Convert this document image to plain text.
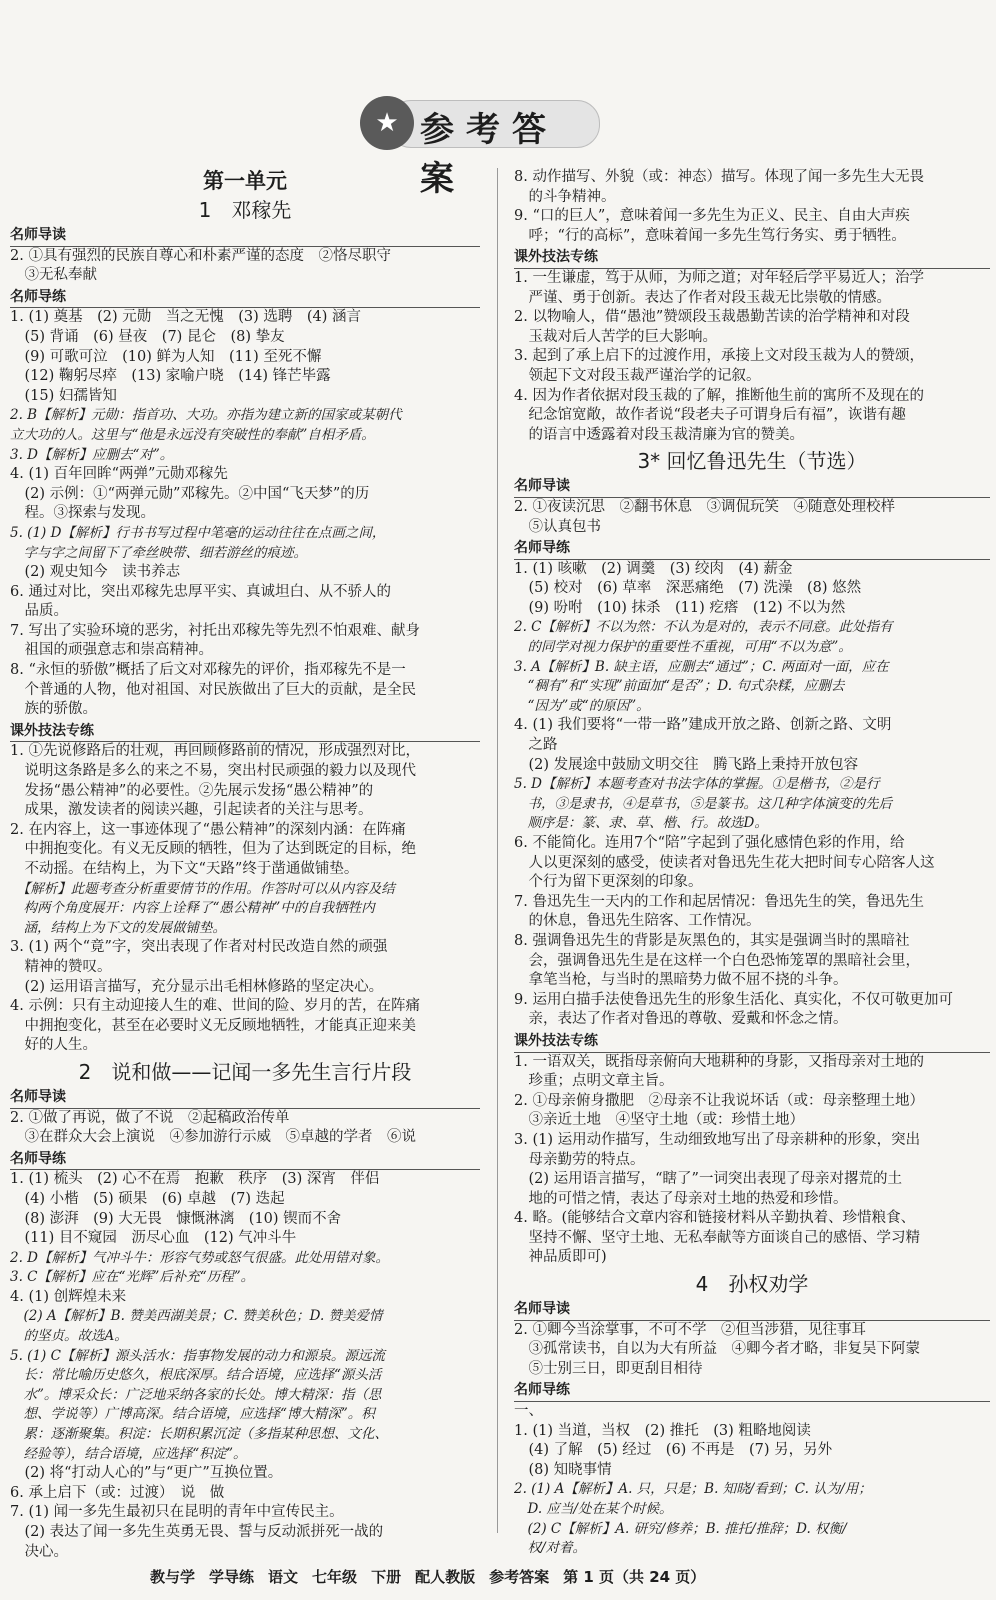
★ 参考答案
第一单元
1　邓稼先
名师导读
2. ①具有强烈的民族自尊心和朴素严谨的态度　②恪尽职守
　③无私奉献
名师导练
1. (1) 奠基　(2) 元勋　当之无愧　(3) 选聘　(4) 涵言
　(5) 背诵　(6) 昼夜　(7) 昆仑　(8) 挚友
　(9) 可歌可泣　(10) 鲜为人知　(11) 至死不懈
　(12) 鞠躬尽瘁　(13) 家喻户晓　(14) 锋芒毕露
　(15) 妇孺皆知
2. B【解析】元勋：指首功、大功。亦指为建立新的国家或某朝代
立大功的人。这里与“他是永远没有突破性的奉献”自相矛盾。
3. D【解析】应删去“对”。
4. (1) 百年回眸“两弹”元勋邓稼先
　(2) 示例：①“两弹元勋”邓稼先。②中国“飞天梦”的历
　程。③探索与发现。
5. (1) D【解析】行书书写过程中笔毫的运动往往在点画之间，
　字与字之间留下了牵丝映带、细若游丝的痕迹。
　(2) 观史知今　读书养志
6. 通过对比，突出邓稼先忠厚平实、真诚坦白、从不骄人的
　品质。
7. 写出了实验环境的恶劣，衬托出邓稼先等先烈不怕艰难、献身
　祖国的顽强意志和崇高精神。
8. “永恒的骄傲”概括了后文对邓稼先的评价，指邓稼先不是一
　个普通的人物，他对祖国、对民族做出了巨大的贡献，是全民
　族的骄傲。
课外技法专练
1. ①先说修路后的壮观，再回顾修路前的情况，形成强烈对比，
　说明这条路是多么的来之不易，突出村民顽强的毅力以及现代
　发扬“愚公精神”的必要性。②先展示发扬“愚公精神”的
　成果，激发读者的阅读兴趣，引起读者的关注与思考。
2. 在内容上，这一事迹体现了“愚公精神”的深刻内涵：在阵痛
　中拥抱变化。有义无反顾的牺牲，但为了达到既定的目标，绝
　不动摇。在结构上，为下文“天路”终于凿通做铺垫。
　【解析】此题考查分析重要情节的作用。作答时可以从内容及结
　构两个角度展开：内容上诠释了“愚公精神”中的自我牺牲内
　涵，结构上为下文的发展做铺垫。
3. (1) 两个“竟”字，突出表现了作者对村民改造自然的顽强
　精神的赞叹。
　(2) 运用语言描写，充分显示出毛相林修路的坚定决心。
4. 示例：只有主动迎接人生的难、世间的险、岁月的苦，在阵痛
　中拥抱变化，甚至在必要时义无反顾地牺牲，才能真正迎来美
　好的人生。
2　说和做——记闻一多先生言行片段
名师导读
2. ①做了再说，做了不说　②起稿政治传单
　③在群众大会上演说　④参加游行示威　⑤卓越的学者　⑥说
名师导练
1. (1) 梳头　(2) 心不在焉　抱歉　秩序　(3) 深宵　伴侣
　(4) 小楷　(5) 硕果　(6) 卓越　(7) 迭起
　(8) 澎湃　(9) 大无畏　慷慨淋漓　(10) 锲而不舍
　(11) 目不窥园　沥尽心血　(12) 气冲斗牛
2. D【解析】气冲斗牛：形容气势或怒气很盛。此处用错对象。
3. C【解析】应在“光辉”后补充“历程”。
4. (1) 创辉煌未来
　(2) A【解析】B. 赞美西湖美景；C. 赞美秋色；D. 赞美爱情
　的坚贞。故选A。
5. (1) C【解析】源头活水：指事物发展的动力和源泉。源远流
　长：常比喻历史悠久，根底深厚。结合语境，应选择“源头活
　水”。博采众长：广泛地采纳各家的长处。博大精深：指（思
　想、学说等）广博高深。结合语境，应选择“博大精深”。积
　累：逐渐聚集。积淀：长期积累沉淀（多指某种思想、文化、
　经验等），结合语境，应选择“积淀”。
　(2) 将“打动人心的”与“更广”互换位置。
6. 承上启下（或：过渡）　说　做
7. (1) 闻一多先生最初只在昆明的青年中宣传民主。
　(2) 表达了闻一多先生英勇无畏、誓与反动派拼死一战的
　决心。
8. 动作描写、外貌（或：神态）描写。体现了闻一多先生大无畏
　的斗争精神。
9. “口的巨人”，意味着闻一多先生为正义、民主、自由大声疾
　呼；“行的高标”，意味着闻一多先生笃行务实、勇于牺牲。
课外技法专练
1. 一生谦虚，笃于从师，为师之道；对年轻后学平易近人；治学
　严谨、勇于创新。表达了作者对段玉裁无比崇敬的情感。
2. 以物喻人，借“愚池”赞颂段玉裁愚勤苦读的治学精神和对段
　玉裁对后人苦学的巨大影响。
3. 起到了承上启下的过渡作用，承接上文对段玉裁为人的赞颂，
　领起下文对段玉裁严谨治学的记叙。
4. 因为作者依据对段玉裁的了解，推断他生前的寓所不及现在的
　纪念馆宽敞，故作者说“段老夫子可谓身后有福”，诙谐有趣
　的语言中透露着对段玉裁清廉为官的赞美。
3* 回忆鲁迅先生（节选）
名师导读
2. ①夜读沉思　②翻书休息　③调侃玩笑　④随意处理校样
　⑤认真包书
名师导练
1. (1) 咳嗽　(2) 调羹　(3) 绞肉　(4) 薪金
　(5) 校对　(6) 草率　深恶痛绝　(7) 洗澡　(8) 悠然
　(9) 吩咐　(10) 抹杀　(11) 疙瘩　(12) 不以为然
2. C【解析】不以为然：不认为是对的，表示不同意。此处指有
　的同学对视力保护的重要性不重视，可用“不以为意”。
3. A【解析】B. 缺主语，应删去“通过”；C. 两面对一面，应在
　“稠有”和“实现”前面加“是否”；D. 句式杂糅，应删去
　“因为”或“的原因”。
4. (1) 我们要将“一带一路”建成开放之路、创新之路、文明
　之路
　(2) 发展途中鼓励文明交往　腾飞路上秉持开放包容
5. D【解析】本题考查对书法字体的掌握。①是楷书，②是行
　书，③是隶书，④是草书，⑤是篆书。这几种字体演变的先后
　顺序是：篆、隶、草、楷、行。故选D。
6. 不能简化。连用7个“陪”字起到了强化感情色彩的作用，给
　人以更深刻的感受，使读者对鲁迅先生花大把时间专心陪客人这
　个行为留下更深刻的印象。
7. 鲁迅先生一天内的工作和起居情况：鲁迅先生的笑，鲁迅先生
　的休息，鲁迅先生陪客、工作情况。
8. 强调鲁迅先生的背影是灰黑色的，其实是强调当时的黑暗社
　会，强调鲁迅先生是在这样一个白色恐怖笼罩的黑暗社会里，
　拿笔当枪，与当时的黑暗势力做不屈不挠的斗争。
9. 运用白描手法使鲁迅先生的形象生活化、真实化，不仅可敬更加可
　亲，表达了作者对鲁迅的尊敬、爱戴和怀念之情。
课外技法专练
1. 一语双关，既指母亲俯向大地耕种的身影，又指母亲对土地的
　珍重；点明文章主旨。
2. ①母亲俯身撒肥　②母亲不让我说坏话（或：母亲整理土地）
　③亲近土地　④坚守土地（或：珍惜土地）
3. (1) 运用动作描写，生动细致地写出了母亲耕种的形象，突出
　母亲勤劳的特点。
　(2) 运用语言描写，“瞎了”一词突出表现了母亲对撂荒的土
　地的可惜之情，表达了母亲对土地的热爱和珍惜。
4. 略。(能够结合文章内容和链接材料从辛勤执着、珍惜粮食、
　坚持不懈、坚守土地、无私奉献等方面谈自己的感悟、学习精
　神品质即可)
4　孙权劝学
名师导读
2. ①卿今当涂掌事，不可不学　②但当涉猎，见往事耳
　③孤常读书，自以为大有所益　④卿今者才略，非复吴下阿蒙
　⑤士别三日，即更刮目相待
名师导练
一、
1. (1) 当道，当权　(2) 推托　(3) 粗略地阅读
　(4) 了解　(5) 经过　(6) 不再是　(7) 另，另外
　(8) 知晓事情
2. (1) A【解析】A. 只，只是；B. 知晓/看到；C. 认为/用；
　D. 应当/处在某个时候。
　(2) C【解析】A. 研究/修养；B. 推托/推辞；D. 权衡/
　权/对着。
教与学 学导练 语文 七年级 下册 配人教版 参考答案 第 1 页（共 24 页）
